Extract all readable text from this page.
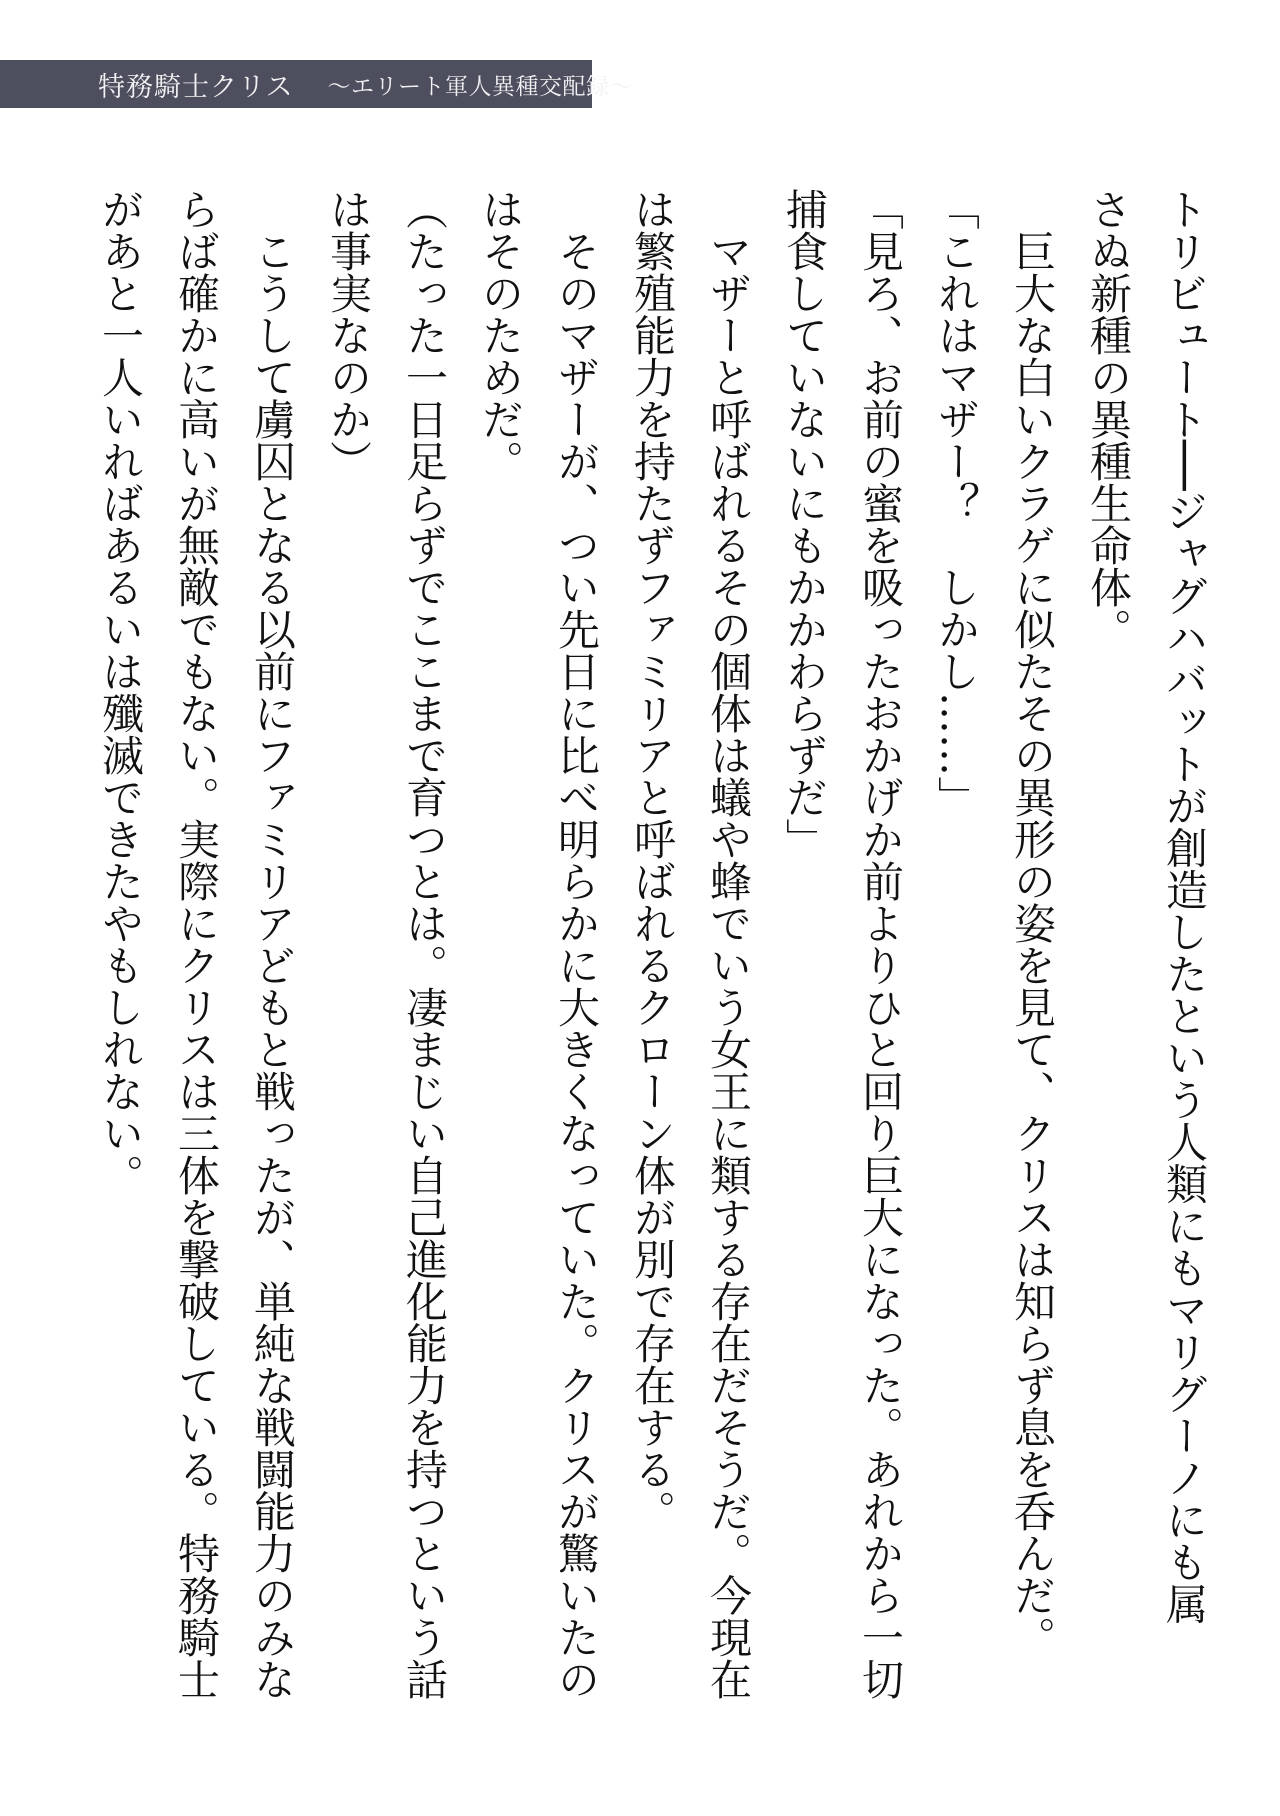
特務騎士クリス 〜エリート軍人異種交配録〜

トリビュート──ジャグハバットが創造したという人類にもマリグーノにも属

さぬ新種の異種生命体。

巨大な白いクラゲに似たその異形の姿を見て、クリスは知らず息を呑んだ。

「これはマザー？　しかし……」

「見ろ、お前の蜜を吸ったおかげか前よりひと回り巨大になった。あれから一切

捕食していないにもかかわらずだ」

マザーと呼ばれるその個体は蟻や蜂でいう女王に類する存在だそうだ。今現在

は繁殖能力を持たずファミリアと呼ばれるクローン体が別で存在する。

そのマザーが、つい先日に比べ明らかに大きくなっていた。クリスが驚いたの

はそのためだ。

（たった一日足らずでここまで育つとは。凄まじい自己進化能力を持つという話

は事実なのか）

こうして虜囚となる以前にファミリアどもと戦ったが、単純な戦闘能力のみな

らば確かに高いが無敵でもない。実際にクリスは三体を撃破している。特務騎士

があと一人いればあるいは殲滅できたやもしれない。
